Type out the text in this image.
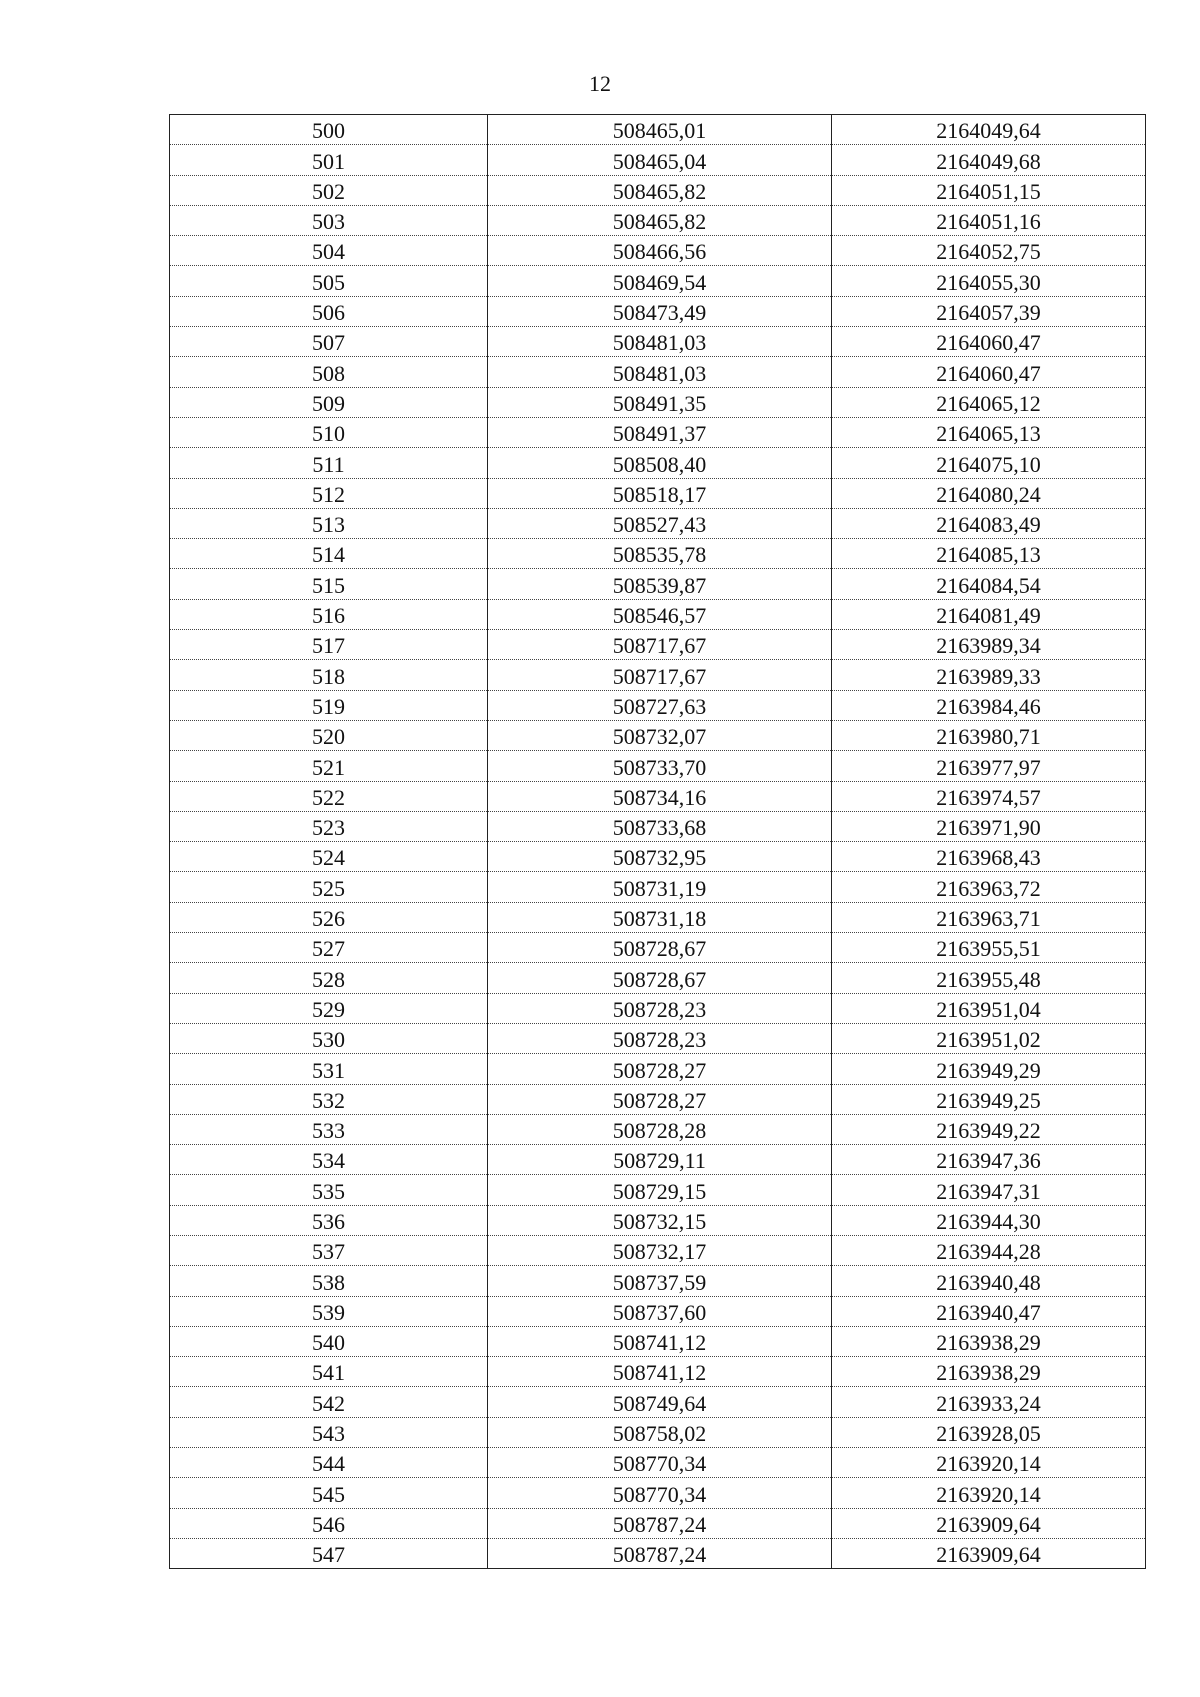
12
500	508465,01	2164049,64
501	508465,04	2164049,68
502	508465,82	2164051,15
503	508465,82	2164051,16
504	508466,56	2164052,75
505	508469,54	2164055,30
506	508473,49	2164057,39
507	508481,03	2164060,47
508	508481,03	2164060,47
509	508491,35	2164065,12
510	508491,37	2164065,13
511	508508,40	2164075,10
512	508518,17	2164080,24
513	508527,43	2164083,49
514	508535,78	2164085,13
515	508539,87	2164084,54
516	508546,57	2164081,49
517	508717,67	2163989,34
518	508717,67	2163989,33
519	508727,63	2163984,46
520	508732,07	2163980,71
521	508733,70	2163977,97
522	508734,16	2163974,57
523	508733,68	2163971,90
524	508732,95	2163968,43
525	508731,19	2163963,72
526	508731,18	2163963,71
527	508728,67	2163955,51
528	508728,67	2163955,48
529	508728,23	2163951,04
530	508728,23	2163951,02
531	508728,27	2163949,29
532	508728,27	2163949,25
533	508728,28	2163949,22
534	508729,11	2163947,36
535	508729,15	2163947,31
536	508732,15	2163944,30
537	508732,17	2163944,28
538	508737,59	2163940,48
539	508737,60	2163940,47
540	508741,12	2163938,29
541	508741,12	2163938,29
542	508749,64	2163933,24
543	508758,02	2163928,05
544	508770,34	2163920,14
545	508770,34	2163920,14
546	508787,24	2163909,64
547	508787,24	2163909,64
